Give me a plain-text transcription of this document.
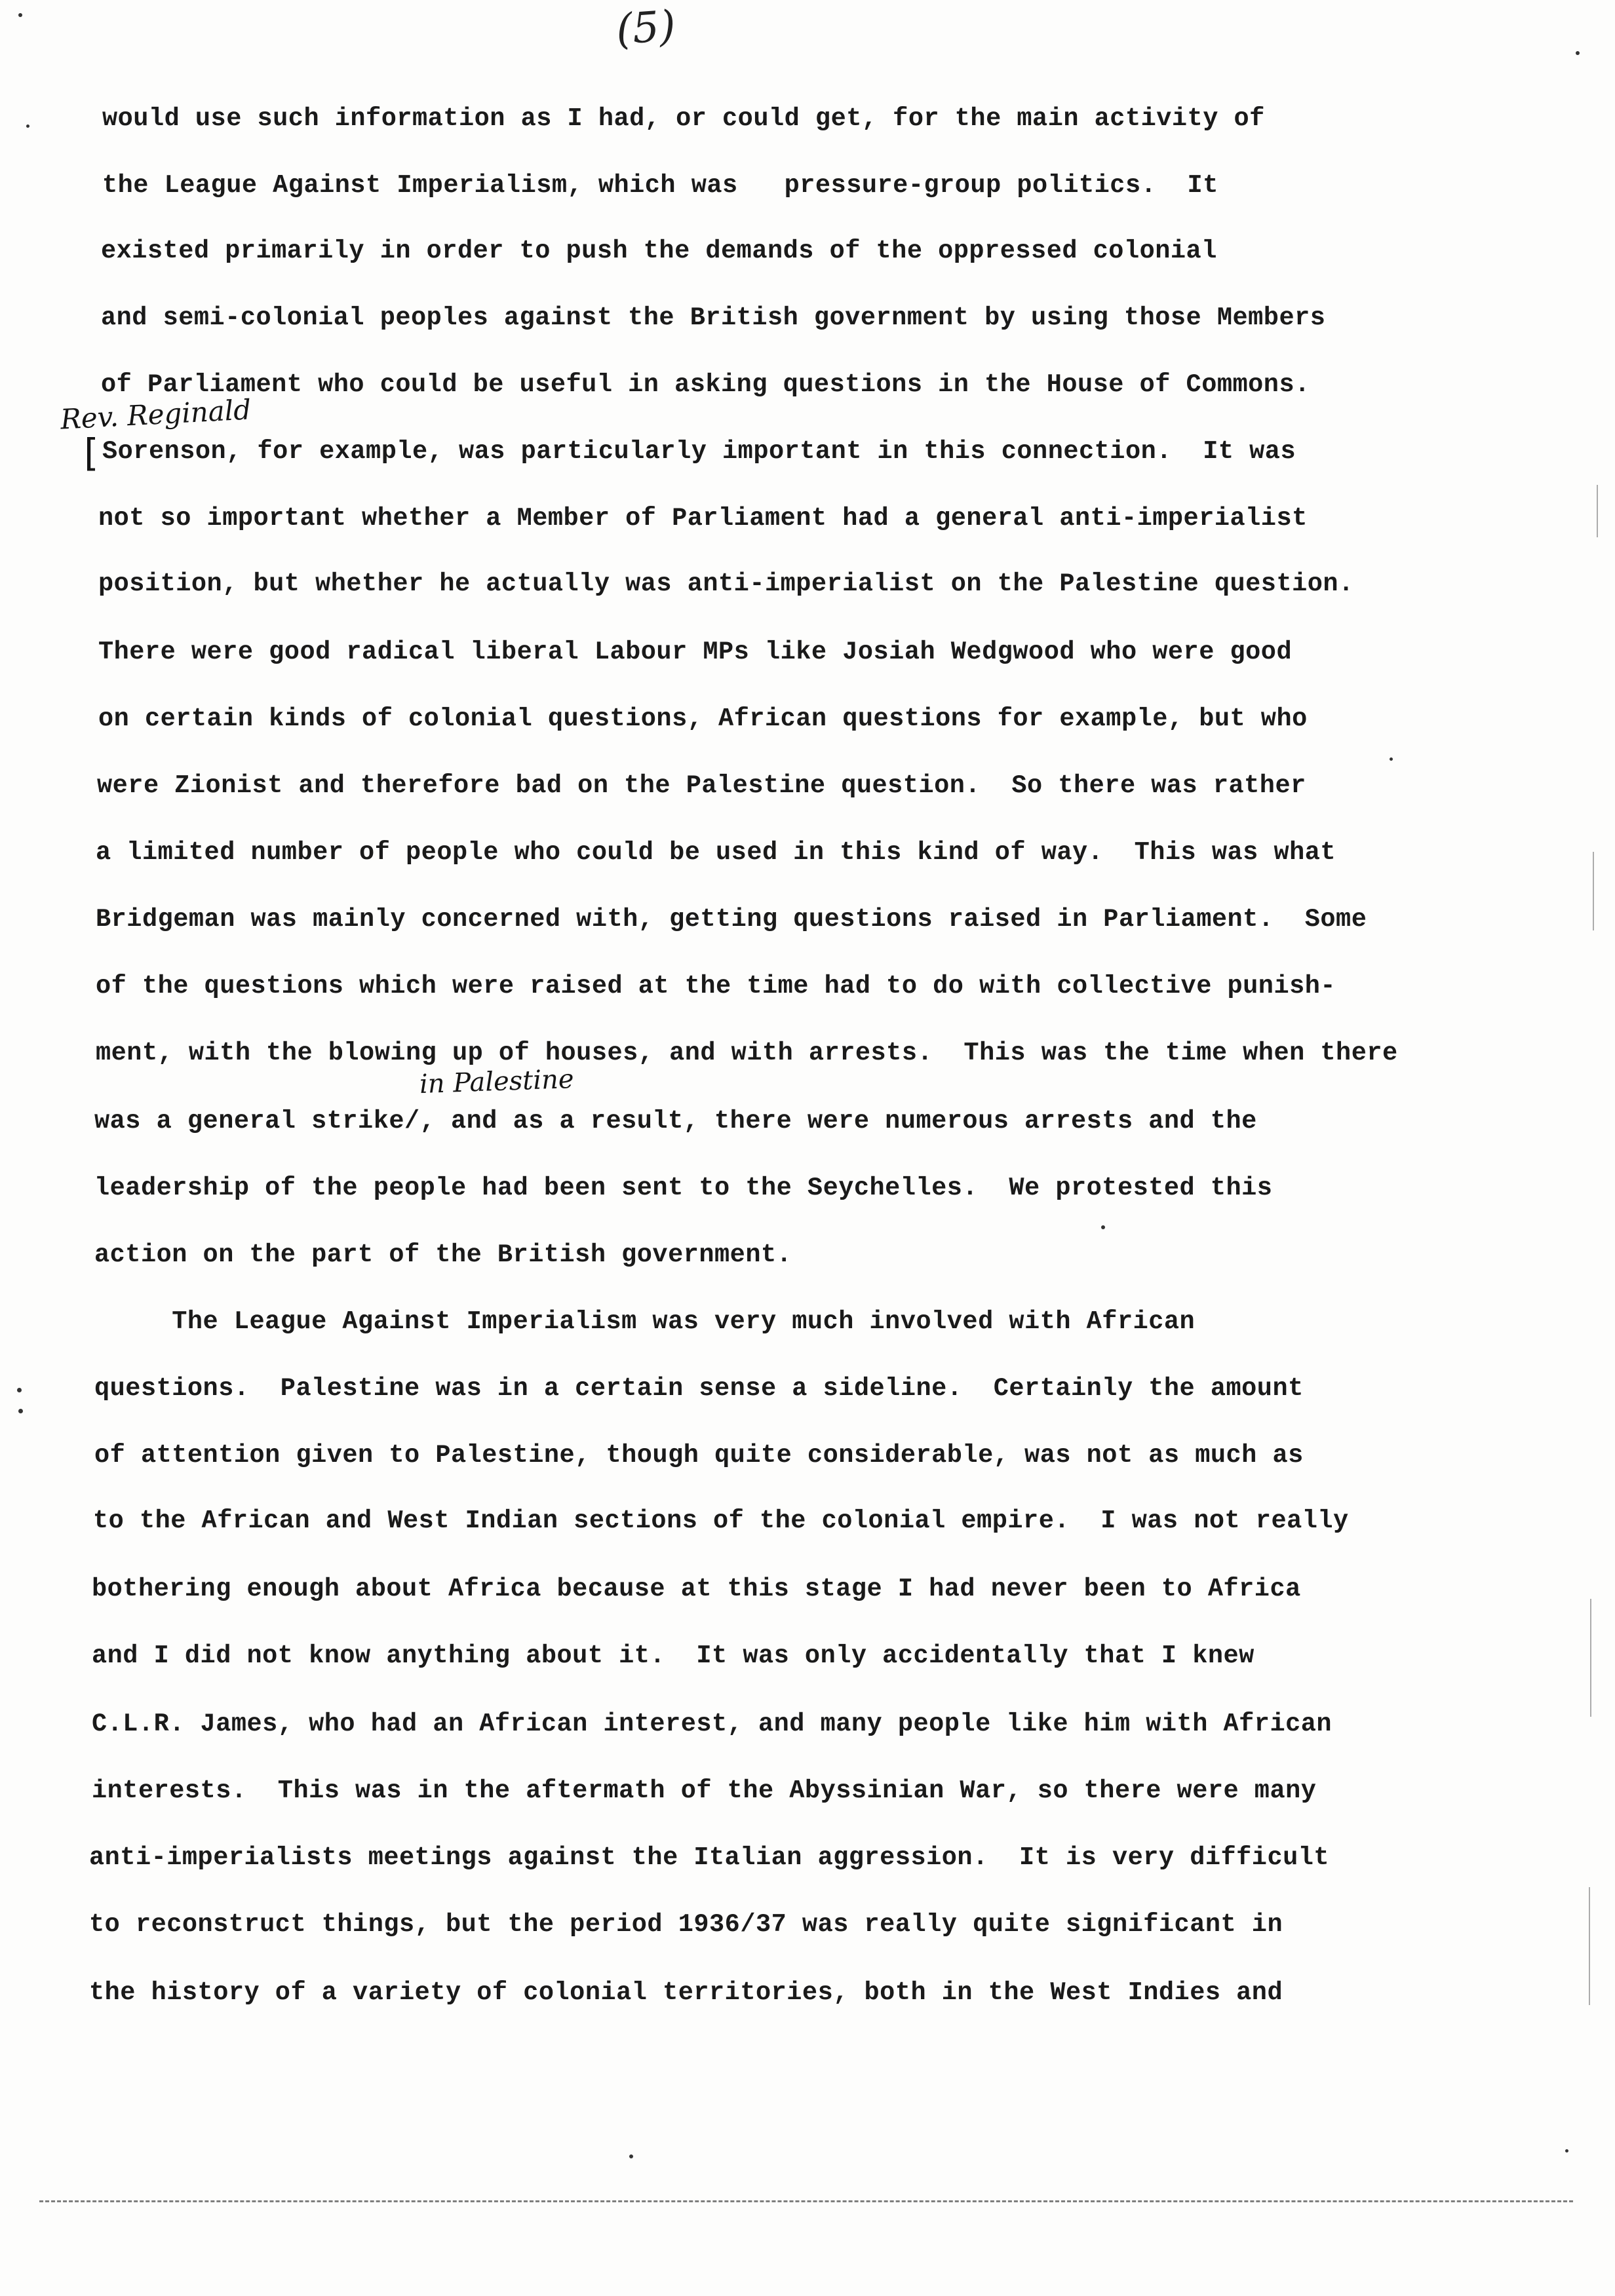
(5)
would use such information as I had, or could get, for the main activity of
the League Against Imperialism, which was   pressure-group politics.  It
existed primarily in order to push the demands of the oppressed colonial
and semi-colonial peoples against the British government by using those Members
of Parliament who could be useful in asking questions in the House of Commons.
Rev. Reginald
[ Sorenson, for example, was particularly important in this connection.  It was
not so important whether a Member of Parliament had a general anti-imperialist
position, but whether he actually was anti-imperialist on the Palestine question.
There were good radical liberal Labour MPs like Josiah Wedgwood who were good
on certain kinds of colonial questions, African questions for example, but who
were Zionist and therefore bad on the Palestine question.  So there was rather
a limited number of people who could be used in this kind of way.  This was what
Bridgeman was mainly concerned with, getting questions raised in Parliament.  Some
of the questions which were raised at the time had to do with collective punish-
ment, with the blowing up of houses, and with arrests.  This was the time when there
in Palestine
was a general strike/, and as a result, there were numerous arrests and the
leadership of the people had been sent to the Seychelles.  We protested this
action on the part of the British government.
The League Against Imperialism was very much involved with African
questions.  Palestine was in a certain sense a sideline.  Certainly the amount
of attention given to Palestine, though quite considerable, was not as much as
to the African and West Indian sections of the colonial empire.  I was not really
bothering enough about Africa because at this stage I had never been to Africa
and I did not know anything about it.  It was only accidentally that I knew
C.L.R. James, who had an African interest, and many people like him with African
interests.  This was in the aftermath of the Abyssinian War, so there were many
anti-imperialists meetings against the Italian aggression.  It is very difficult
to reconstruct things, but the period 1936/37 was really quite significant in
the history of a variety of colonial territories, both in the West Indies and
